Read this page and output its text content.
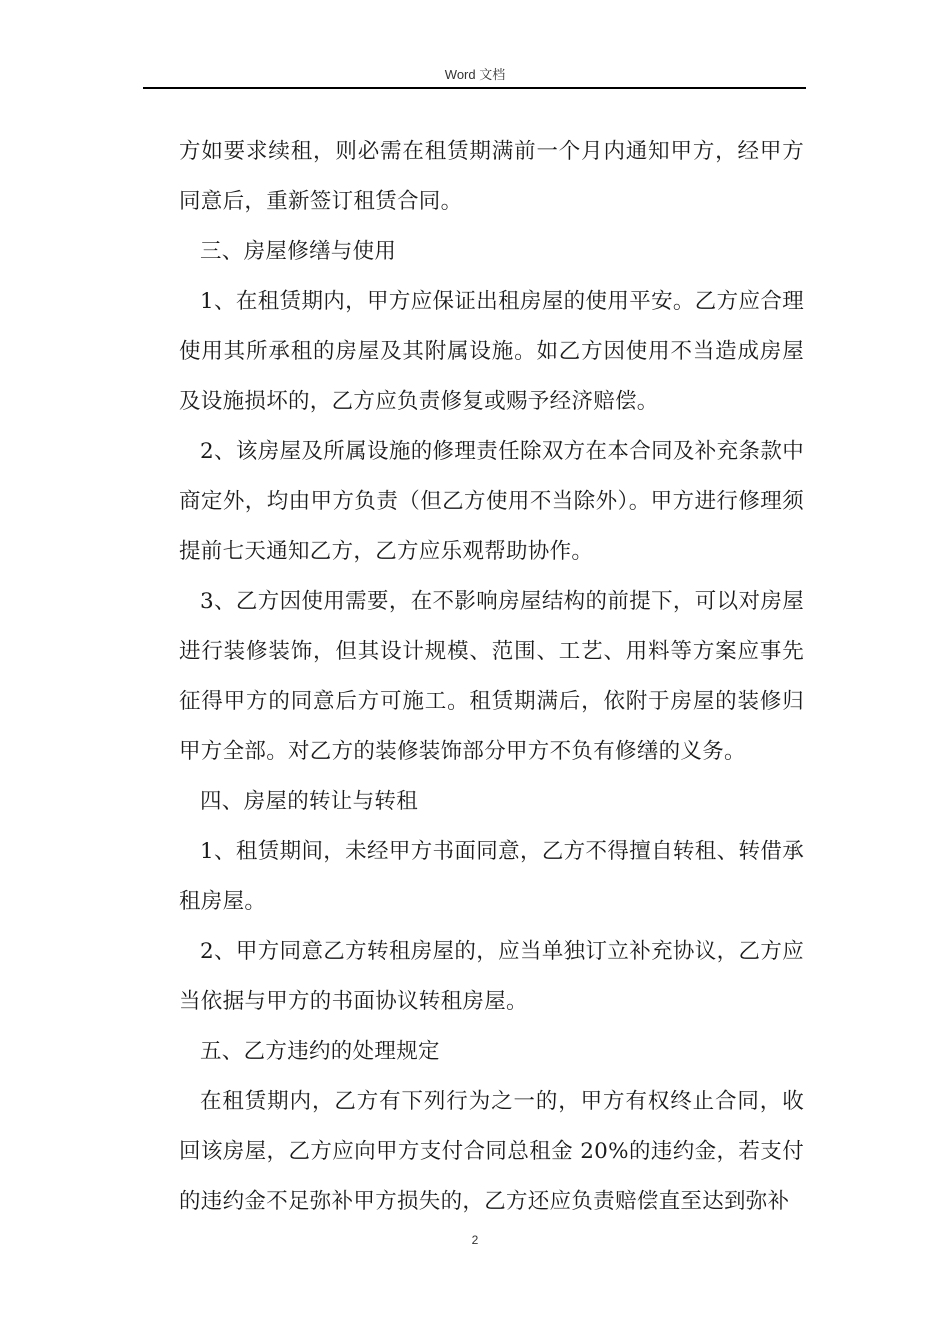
Word 文档

方如要求续租，则必需在租赁期满前一个月内通知甲方，经甲方同意后，重新签订租赁合同。

三、房屋修缮与使用

1、在租赁期内，甲方应保证出租房屋的使用平安。乙方应合理使用其所承租的房屋及其附属设施。如乙方因使用不当造成房屋及设施损坏的，乙方应负责修复或赐予经济赔偿。

2、该房屋及所属设施的修理责任除双方在本合同及补充条款中商定外，均由甲方负责（但乙方使用不当除外）。甲方进行修理须提前七天通知乙方，乙方应乐观帮助协作。

3、乙方因使用需要，在不影响房屋结构的前提下，可以对房屋进行装修装饰，但其设计规模、范围、工艺、用料等方案应事先征得甲方的同意后方可施工。租赁期满后，依附于房屋的装修归甲方全部。对乙方的装修装饰部分甲方不负有修缮的义务。

四、房屋的转让与转租

1、租赁期间，未经甲方书面同意，乙方不得擅自转租、转借承租房屋。

2、甲方同意乙方转租房屋的，应当单独订立补充协议，乙方应当依据与甲方的书面协议转租房屋。

五、乙方违约的处理规定

在租赁期内，乙方有下列行为之一的，甲方有权终止合同，收回该房屋，乙方应向甲方支付合同总租金 20%的违约金，若支付的违约金不足弥补甲方损失的，乙方还应负责赔偿直至达到弥补

2
